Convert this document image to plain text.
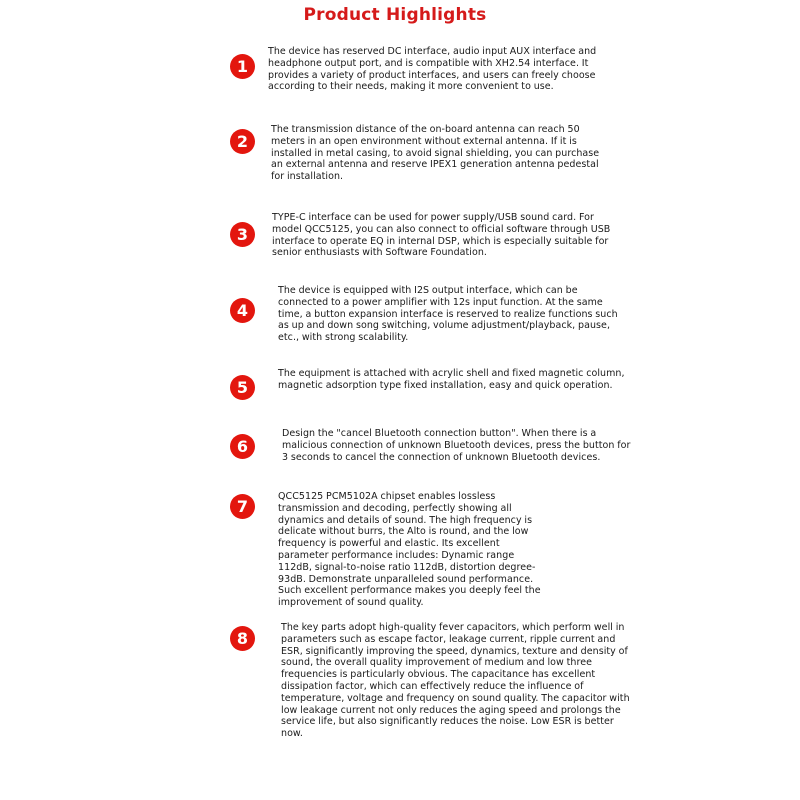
Product Highlights
1
The device has reserved DC interface, audio input AUX interface and headphone output port, and is compatible with XH2.54 interface. It provides a variety of product interfaces, and users can freely choose according to their needs, making it more convenient to use.
2
The transmission distance of the on-board antenna can reach 50 meters in an open environment without external antenna. If it is installed in metal casing, to avoid signal shielding, you can purchase an external antenna and reserve IPEX1 generation antenna pedestal for installation.
3
TYPE-C interface can be used for power supply/USB sound card. For model QCC5125, you can also connect to official software through USB interface to operate EQ in internal DSP, which is especially suitable for senior enthusiasts with Software Foundation.
4
The device is equipped with I2S output interface, which can be connected to a power amplifier with 12s input function. At the same time, a button expansion interface is reserved to realize functions such as up and down song switching, volume adjustment/playback, pause, etc., with strong scalability.
5
The equipment is attached with acrylic shell and fixed magnetic column, magnetic adsorption type fixed installation, easy and quick operation.
6
Design the "cancel Bluetooth connection button". When there is a malicious connection of unknown Bluetooth devices, press the button for 3 seconds to cancel the connection of unknown Bluetooth devices.
7
QCC5125 PCM5102A chipset enables lossless transmission and decoding, perfectly showing all dynamics and details of sound. The high frequency is delicate without burrs, the Alto is round, and the low frequency is powerful and elastic. Its excellent parameter performance includes: Dynamic range 112dB, signal-to-noise ratio 112dB, distortion degree-93dB. Demonstrate unparalleled sound performance. Such excellent performance makes you deeply feel the improvement of sound quality.
8
The key parts adopt high-quality fever capacitors, which perform well in parameters such as escape factor, leakage current, ripple current and ESR, significantly improving the speed, dynamics, texture and density of sound, the overall quality improvement of medium and low three frequencies is particularly obvious. The capacitance has excellent dissipation factor, which can effectively reduce the influence of temperature, voltage and frequency on sound quality. The capacitor with low leakage current not only reduces the aging speed and prolongs the service life, but also significantly reduces the noise. Low ESR is better now.
